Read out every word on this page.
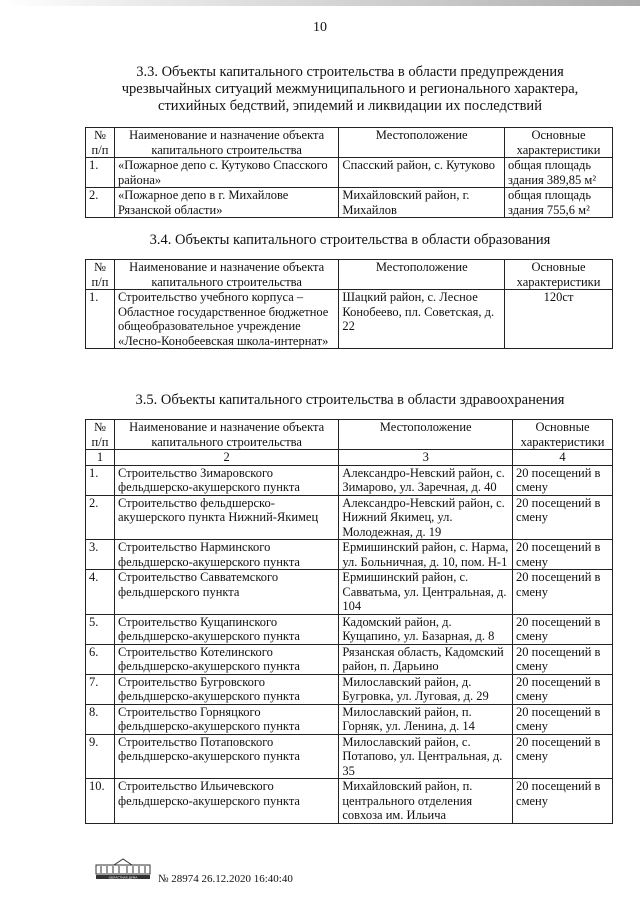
10
3.3. Объекты капитального строительства в области предупреждения чрезвычайных ситуаций межмуниципального и регионального характера, стихийных бедствий, эпидемий и ликвидации их последствий
№ п/п	Наименование и назначение объекта капитального строительства	Местоположение	Основные характеристики
1.	«Пожарное депо с. Кутуково Спасского района»	Спасский район, с. Кутуково	общая площадь здания 389,85 м²
2.	«Пожарное депо в г. Михайлове Рязанской области»	Михайловский район, г. Михайлов	общая площадь здания 755,6 м²
3.4. Объекты капитального строительства в области образования
№ п/п	Наименование и назначение объекта капитального строительства	Местоположение	Основные характеристики
1.	Строительство учебного корпуса – Областное государственное бюджетное общеобразовательное учреждение «Лесно-Конобеевская школа-интернат»	Шацкий район, с. Лесное Конобеево, пл. Советская, д. 22	120ст
3.5. Объекты капитального строительства в области здравоохранения
№ п/п	Наименование и назначение объекта капитального строительства	Местоположение	Основные характеристики
1	2	3	4
1.	Строительство Зимаровского фельдшерско-акушерского пункта	Александро-Невский район, с. Зимарово, ул. Заречная, д. 40	20 посещений в смену
2.	Строительство фельдшерско-акушерского пункта Нижний-Якимец	Александро-Невский район, с. Нижний Якимец, ул. Молодежная, д. 19	20 посещений в смену
3.	Строительство Нарминского фельдшерско-акушерского пункта	Ермишинский район, с. Нарма, ул. Больничная, д. 10, пом. Н-1	20 посещений в смену
4.	Строительство Савватемского фельдшерского пункта	Ермишинский район, с. Савватьма, ул. Центральная, д. 104	20 посещений в смену
5.	Строительство Кущапинского фельдшерско-акушерского пункта	Кадомский район, д. Кущапино, ул. Базарная, д. 8	20 посещений в смену
6.	Строительство Котелинского фельдшерско-акушерского пункта	Рязанская область, Кадомский район, п. Дарьино	20 посещений в смену
7.	Строительство Бугровского фельдшерско-акушерского пункта	Милославский район, д. Бугровка, ул. Луговая, д. 29	20 посещений в смену
8.	Строительство Горняцкого фельдшерско-акушерского пункта	Милославский район, п. Горняк, ул. Ленина, д. 14	20 посещений в смену
9.	Строительство Потаповского фельдшерско-акушерского пункта	Милославский район, с. Потапово, ул. Центральная, д. 35	20 посещений в смену
10.	Строительство Ильичевского фельдшерско-акушерского пункта	Михайловский район, п. центрального отделения совхоза им. Ильича	20 посещений в смену
ОБЛАСТНАЯ ДУМА № 28974 26.12.2020 16:40:40
